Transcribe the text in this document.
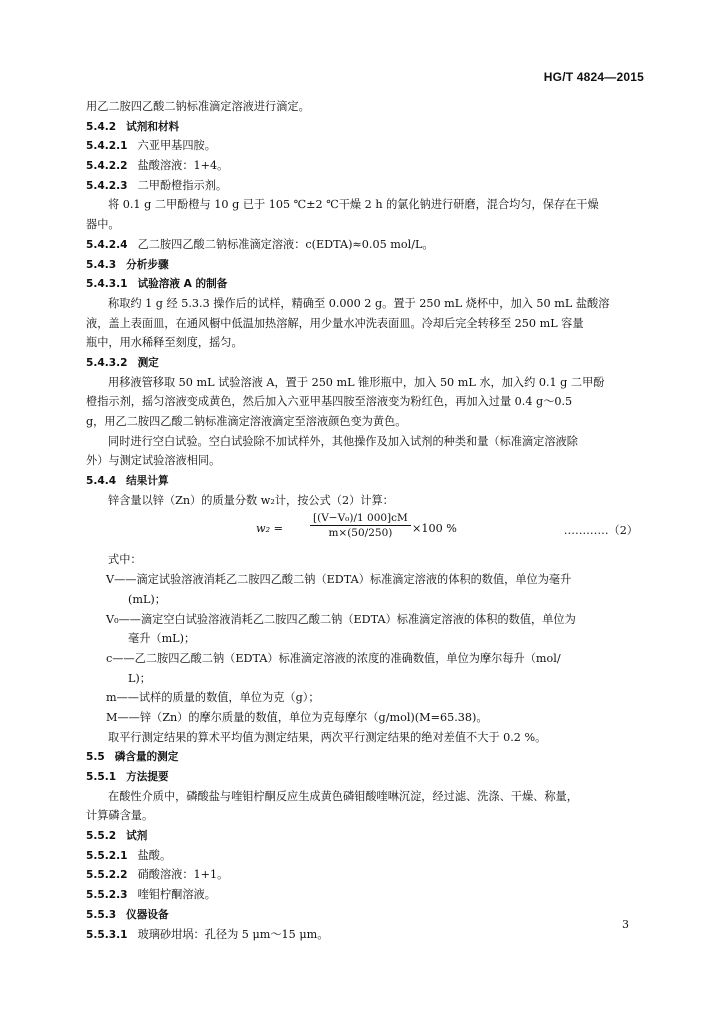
HG/T 4824—2015
用乙二胺四乙酸二钠标准滴定溶液进行滴定。
5.4.2 试剂和材料
5.4.2.1 六亚甲基四胺。
5.4.2.2 盐酸溶液：1+4。
5.4.2.3 二甲酚橙指示剂。
将 0.1 g 二甲酚橙与 10 g 已于 105 ℃±2 ℃干燥 2 h 的氯化钠进行研磨，混合均匀，保存在干燥
器中。
5.4.2.4 乙二胺四乙酸二钠标准滴定溶液：c(EDTA)≈0.05 mol/L。
5.4.3 分析步骤
5.4.3.1 试验溶液 A 的制备
称取约 1 g 经 5.3.3 操作后的试样，精确至 0.000 2 g。置于 250 mL 烧杯中，加入 50 mL 盐酸溶
液，盖上表面皿，在通风橱中低温加热溶解，用少量水冲洗表面皿。冷却后完全转移至 250 mL 容量
瓶中，用水稀释至刻度，摇匀。
5.4.3.2 测定
用移液管移取 50 mL 试验溶液 A，置于 250 mL 锥形瓶中，加入 50 mL 水，加入约 0.1 g 二甲酚
橙指示剂，摇匀溶液变成黄色，然后加入六亚甲基四胺至溶液变为粉红色，再加入过量 0.4 g～0.5
g，用乙二胺四乙酸二钠标准滴定溶液滴定至溶液颜色变为黄色。
同时进行空白试验。空白试验除不加试样外，其他操作及加入试剂的种类和量（标准滴定溶液除
外）与测定试验溶液相同。
5.4.4 结果计算
锌含量以锌（Zn）的质量分数 w₂计，按公式（2）计算：
w₂ =	$\frac{\text{[(V−V₀)/1 000]cM}}{m\times(50/250)} \times 100$ %	…………（2）
式中：
V——滴定试验溶液消耗乙二胺四乙酸二钠（EDTA）标准滴定溶液的体积的数值，单位为毫升
(mL)；
V₀——滴定空白试验溶液消耗乙二胺四乙酸二钠（EDTA）标准滴定溶液的体积的数值，单位为
毫升（mL)；
c——乙二胺四乙酸二钠（EDTA）标准滴定溶液的浓度的准确数值，单位为摩尔每升（mol/
L)；
m——试样的质量的数值，单位为克（g）；
M——锌（Zn）的摩尔质量的数值，单位为克每摩尔（g/mol)(M=65.38)。
取平行测定结果的算术平均值为测定结果，两次平行测定结果的绝对差值不大于 0.2 %。
5.5 磷含量的测定
5.5.1 方法提要
在酸性介质中，磷酸盐与喹钼柠酮反应生成黄色磷钼酸喹啉沉淀，经过滤、洗涤、干燥、称量，
计算磷含量。
5.5.2 试剂
5.5.2.1 盐酸。
5.5.2.2 硝酸溶液：1+1。
5.5.2.3 喹钼柠酮溶液。
5.5.3 仪器设备
5.5.3.1 玻璃砂坩埚：孔径为 5 μm～15 μm。
3
